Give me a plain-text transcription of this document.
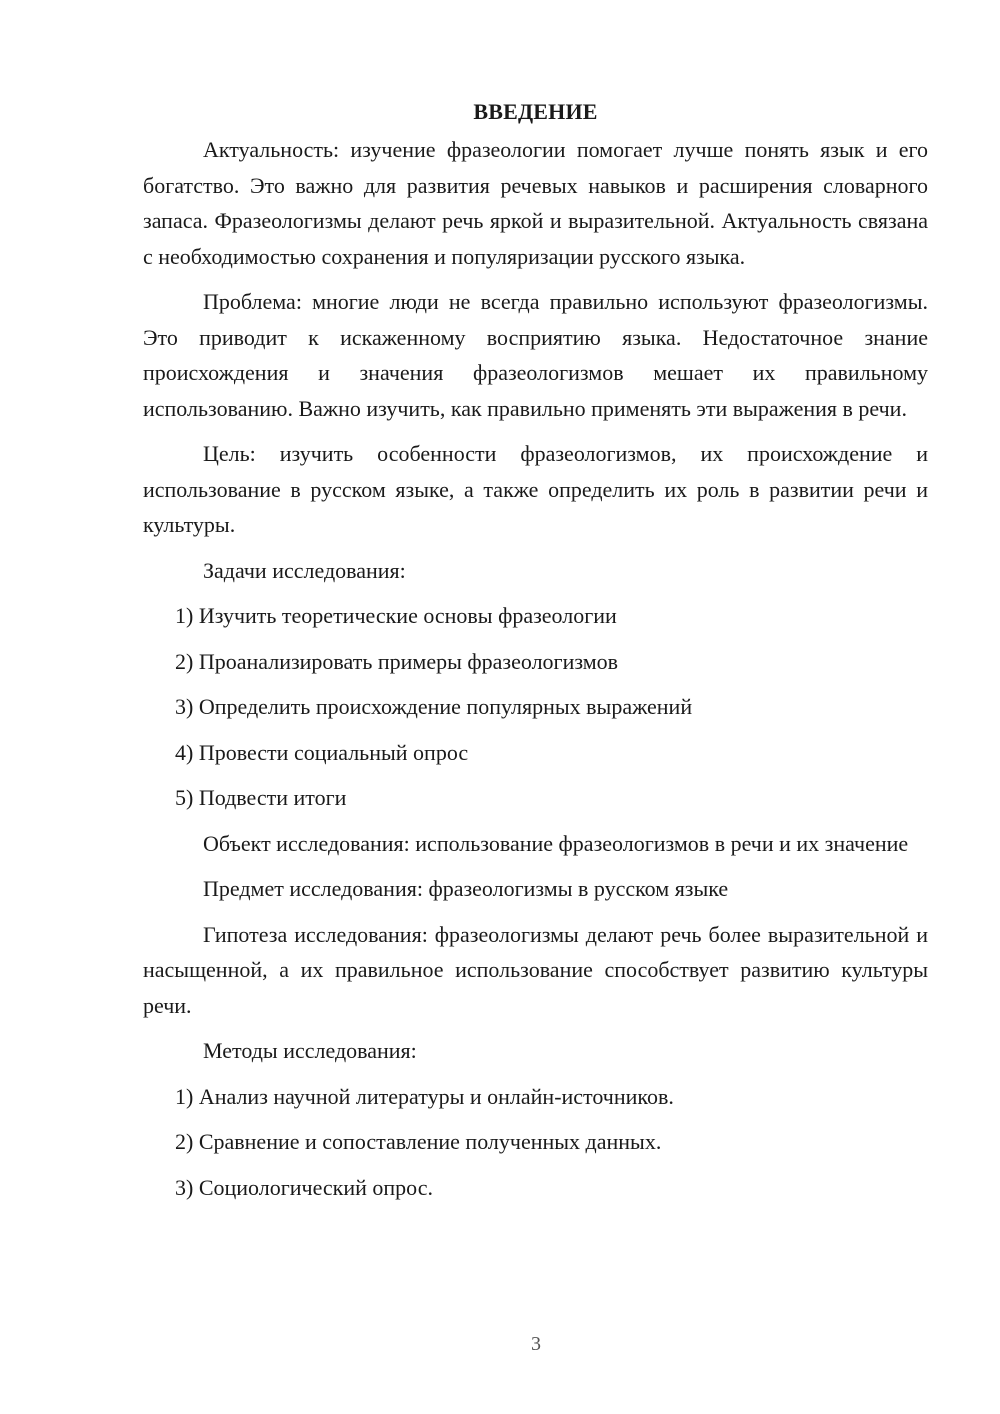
ВВЕДЕНИЕ

Актуальность: изучение фразеологии помогает лучше понять язык и его богатство. Это важно для развития речевых навыков и расширения словарного запаса. Фразеологизмы делают речь яркой и выразительной. Актуальность связана с необходимостью сохранения и популяризации русского языка.

Проблема: многие люди не всегда правильно используют фразеологизмы. Это приводит к искаженному восприятию языка. Недостаточное знание происхождения и значения фразеологизмов мешает их правильному использованию. Важно изучить, как правильно применять эти выражения в речи.

Цель: изучить особенности фразеологизмов, их происхождение и использование в русском языке, а также определить их роль в развитии речи и культуры.

Задачи исследования:

1) Изучить теоретические основы фразеологии
2) Проанализировать примеры фразеологизмов
3) Определить происхождение популярных выражений
4) Провести социальный опрос
5) Подвести итоги

Объект исследования: использование фразеологизмов в речи и их значение

Предмет исследования: фразеологизмы в русском языке

Гипотеза исследования: фразеологизмы делают речь более выразительной и насыщенной, а их правильное использование способствует развитию культуры речи.

Методы исследования:

1) Анализ научной литературы и онлайн-источников.
2) Сравнение и сопоставление полученных данных.
3) Социологический опрос.
3
